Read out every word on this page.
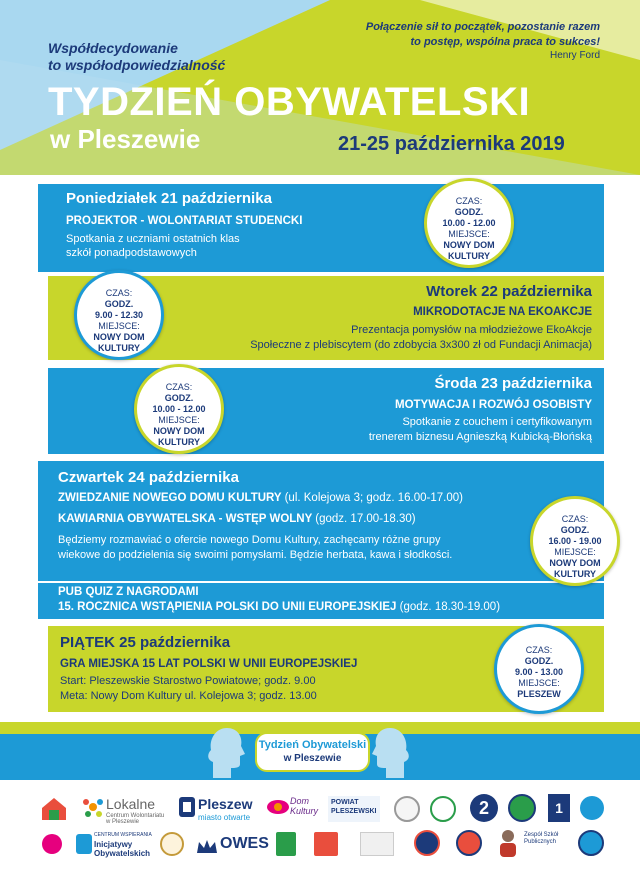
Współdecydowanie
to współodpowiedzialność
Połączenie sił to początek, pozostanie razem
to postęp, wspólna praca to sukces!
Henry Ford
TYDZIEŃ OBYWATELSKI
w Pleszewie	21-25 października 2019
Poniedziałek 21 października
PROJEKTOR - WOLONTARIAT STUDENCKI
Spotkania z uczniami ostatnich klas
szkół ponadpodstawowych
CZAS:
GODZ.
10.00 - 12.00
MIEJSCE:
NOWY DOM
KULTURY
Wtorek 22 października
MIKRODOTACJE NA EKOAKCJE
Prezentacja pomysłów na młodzieżowe EkoAkcje
Społeczne z plebiscytem (do zdobycia 3x300 zł od Fundacji Animacja)
CZAS:
GODZ.
9.00 - 12.30
MIEJSCE:
NOWY DOM
KULTURY
Środa 23 października
MOTYWACJA I ROZWÓJ OSOBISTY
Spotkanie z couchem i certyfikowanym
trenerem biznesu Agnieszką Kubicką-Błońską
CZAS:
GODZ.
10.00 - 12.00
MIEJSCE:
NOWY DOM
KULTURY
Czwartek 24 października
ZWIEDZANIE NOWEGO DOMU KULTURY (ul. Kolejowa 3; godz. 16.00-17.00)
KAWIARNIA OBYWATELSKA - WSTĘP WOLNY (godz. 17.00-18.30)
Będziemy rozmawiać o ofercie nowego Domu Kultury, zachęcamy różne grupy
wiekowe do podzielenia się swoimi pomysłami. Będzie herbata, kawa i słodkości.
PUB QUIZ Z NAGRODAMI
15. ROCZNICA WSTĄPIENIA POLSKI DO UNII EUROPEJSKIEJ (godz. 18.30-19.00)
CZAS:
GODZ.
16.00 - 19.00
MIEJSCE:
NOWY DOM
KULTURY
PIĄTEK 25 października
GRA MIEJSKA 15 LAT POLSKI W UNII EUROPEJSKIEJ
Start: Pleszewskie Starostwo Powiatowe; godz. 9.00
Meta: Nowy Dom Kultury ul. Kolejowa 3; godz. 13.00
CZAS:
GODZ.
9.00 - 13.00
MIEJSCE:
PLESZEW
Tydzień Obywatelski
w Pleszewie
Lokalne
Centrum Wolontariatu w Pleszewie
Pleszew
miasto otwarte
Dom Kultury
POWIAT PLESZEWSKI	2	1
CENTRUM WSPIERANIA
Inicjatywy Obywatelskich
OWES	Zespół Szkół Publicznych
